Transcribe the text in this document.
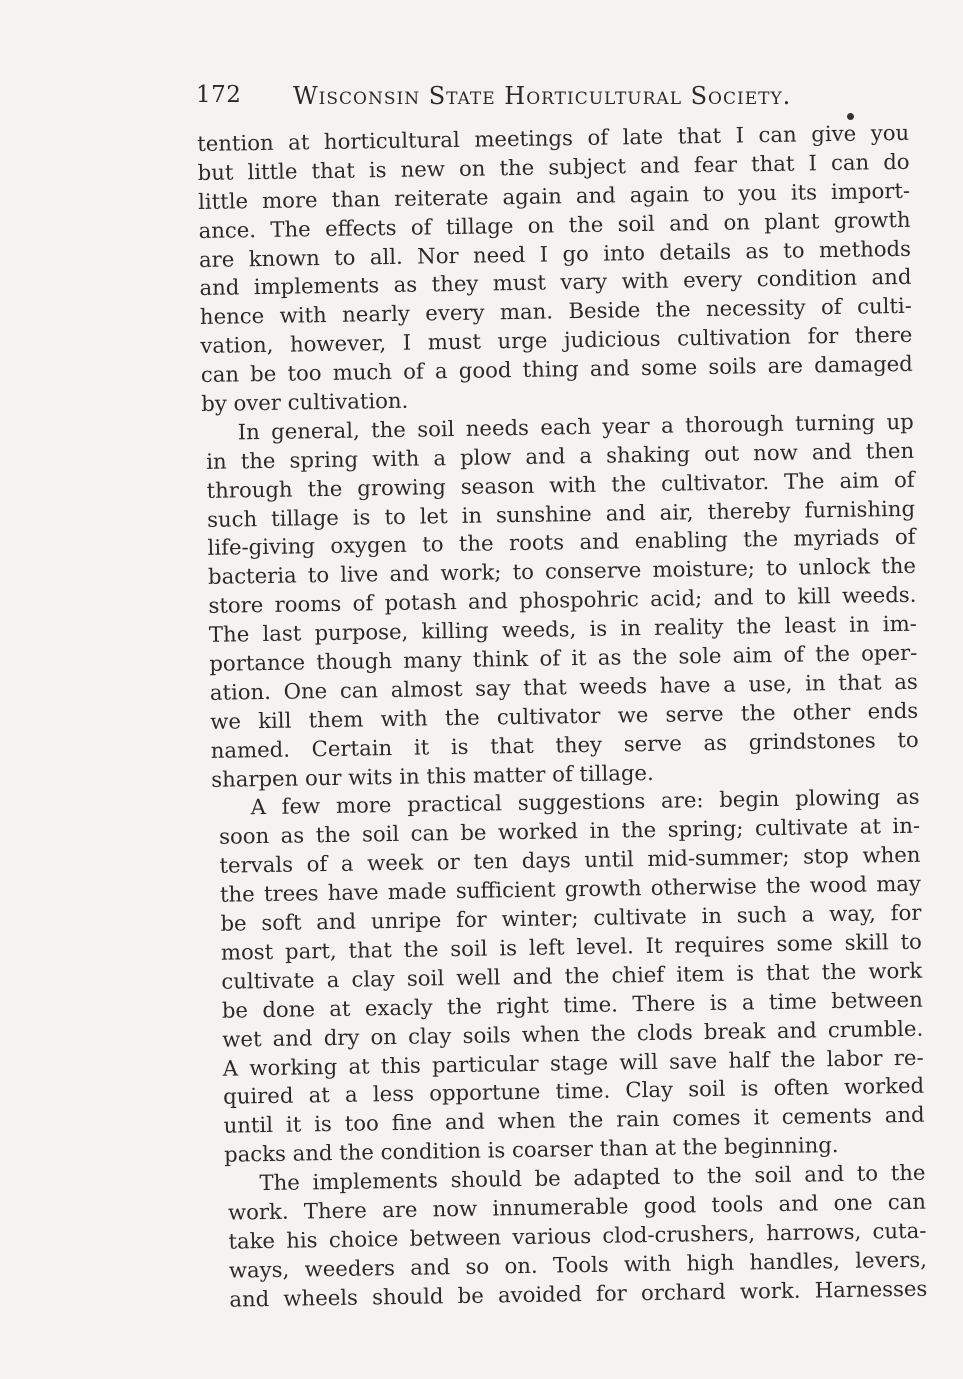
172 Wisconsin State Horticultural Society.
tention at horticultural meetings of late that I can give you
but little that is new on the subject and fear that I can do
little more than reiterate again and again to you its import-
ance. The effects of tillage on the soil and on plant growth
are known to all. Nor need I go into details as to methods
and implements as they must vary with every condition and
hence with nearly every man. Beside the necessity of culti-
vation, however, I must urge judicious cultivation for there
can be too much of a good thing and some soils are damaged
by over cultivation.
In general, the soil needs each year a thorough turning up
in the spring with a plow and a shaking out now and then
through the growing season with the cultivator. The aim of
such tillage is to let in sunshine and air, thereby furnishing
life-giving oxygen to the roots and enabling the myriads of
bacteria to live and work; to conserve moisture; to unlock the
store rooms of potash and phospohric acid; and to kill weeds.
The last purpose, killing weeds, is in reality the least in im-
portance though many think of it as the sole aim of the oper-
ation. One can almost say that weeds have a use, in that as
we kill them with the cultivator we serve the other ends
named. Certain it is that they serve as grindstones to
sharpen our wits in this matter of tillage.
A few more practical suggestions are: begin plowing as
soon as the soil can be worked in the spring; cultivate at in-
tervals of a week or ten days until mid-summer; stop when
the trees have made sufficient growth otherwise the wood may
be soft and unripe for winter; cultivate in such a way, for
most part, that the soil is left level. It requires some skill to
cultivate a clay soil well and the chief item is that the work
be done at exacly the right time. There is a time between
wet and dry on clay soils when the clods break and crumble.
A working at this particular stage will save half the labor re-
quired at a less opportune time. Clay soil is often worked
until it is too fine and when the rain comes it cements and
packs and the condition is coarser than at the beginning.
The implements should be adapted to the soil and to the
work. There are now innumerable good tools and one can
take his choice between various clod-crushers, harrows, cuta-
ways, weeders and so on. Tools with high handles, levers,
and wheels should be avoided for orchard work. Harnesses
